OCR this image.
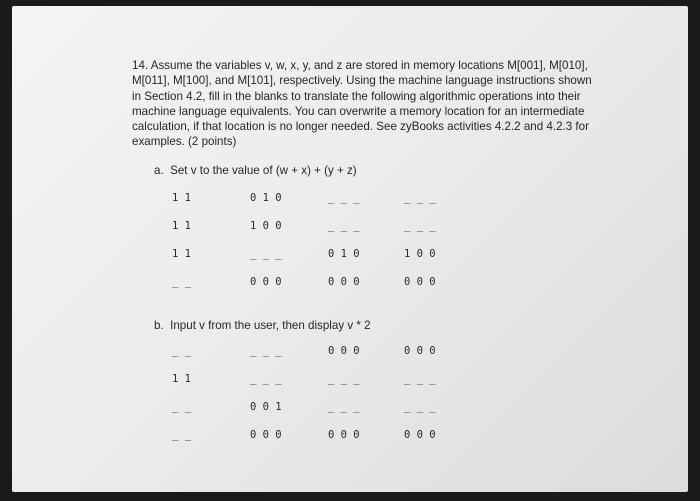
14. Assume the variables v, w, x, y, and z are stored in memory locations M[001], M[010], M[011], M[100], and M[101], respectively. Using the machine language instructions shown in Section 4.2, fill in the blanks to translate the following algorithmic operations into their machine language equivalents. You can overwrite a memory location for an intermediate calculation, if that location is no longer needed. See zyBooks activities 4.2.2 and 4.2.3 for examples. (2 points)

a. Set v to the value of (w + x) + (y + z)

1 1	0 1 0	_ _ _	_ _ _
1 1	1 0 0	_ _ _	_ _ _
1 1	_ _ _	0 1 0	1 0 0
_ _	0 0 0	0 0 0	0 0 0

b. Input v from the user, then display v * 2

_ _	_ _ _	0 0 0	0 0 0
1 1	_ _ _	_ _ _	_ _ _
_ _	0 0 1	_ _ _	_ _ _
_ _	0 0 0	0 0 0	0 0 0
